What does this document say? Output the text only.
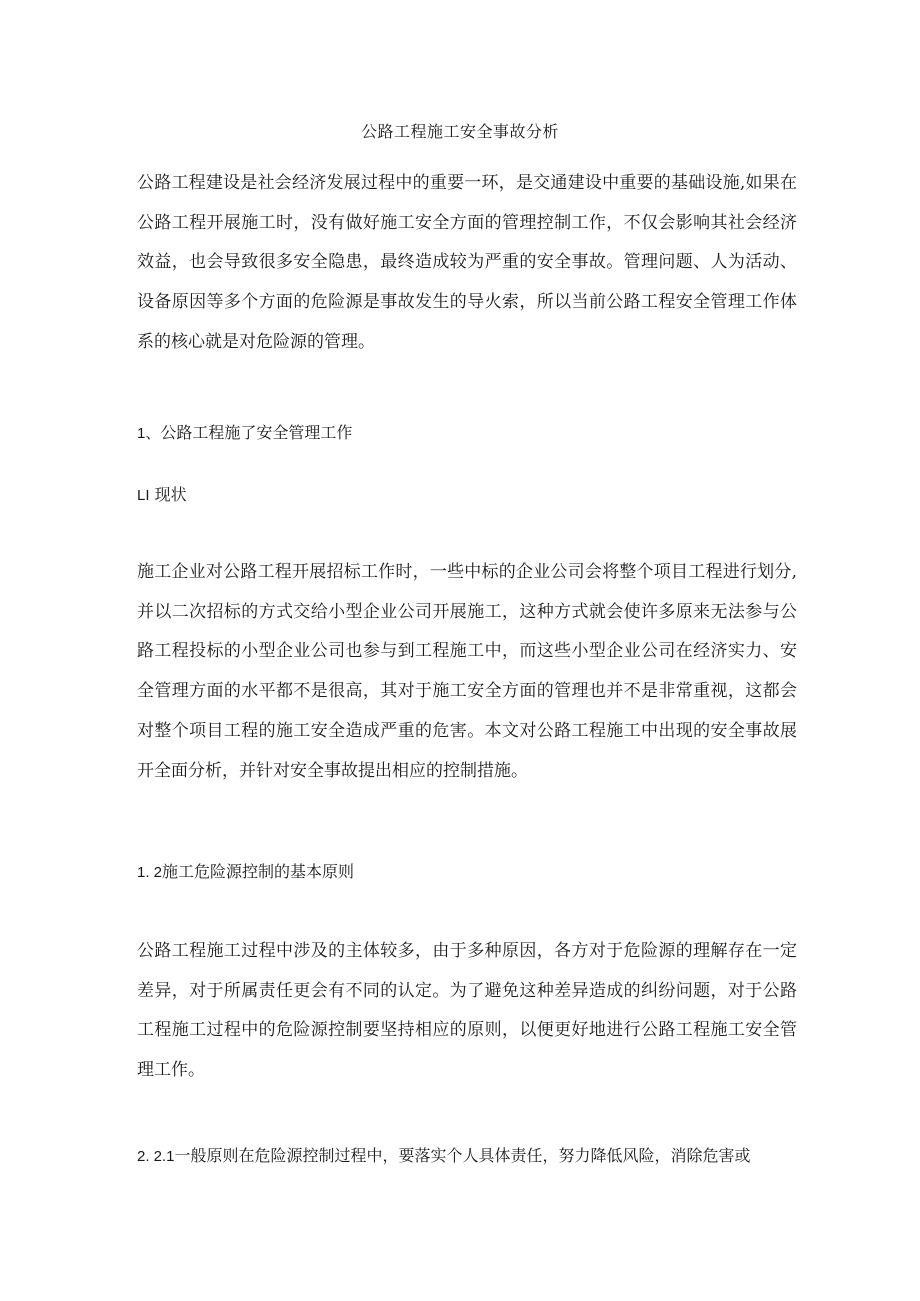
公路工程施工安全事故分析

公路工程建设是社会经济发展过程中的重要一环，是交通建设中重要的基础设施,如果在公路工程开展施工时，没有做好施工安全方面的管理控制工作，不仅会影响其社会经济效益，也会导致很多安全隐患，最终造成较为严重的安全事故。管理问题、人为活动、设备原因等多个方面的危险源是事故发生的导火索，所以当前公路工程安全管理工作体系的核心就是对危险源的管理。

1、公路工程施了安全管理工作

LI 现状

施工企业对公路工程开展招标工作时，一些中标的企业公司会将整个项目工程进行划分,并以二次招标的方式交给小型企业公司开展施工，这种方式就会使许多原来无法参与公路工程投标的小型企业公司也参与到工程施工中，而这些小型企业公司在经济实力、安全管理方面的水平都不是很高，其对于施工安全方面的管理也并不是非常重视，这都会对整个项目工程的施工安全造成严重的危害。本文对公路工程施工中出现的安全事故展开全面分析，并针对安全事故提出相应的控制措施。

1. 2施工危险源控制的基本原则

公路工程施工过程中涉及的主体较多，由于多种原因，各方对于危险源的理解存在一定差异，对于所属责任更会有不同的认定。为了避免这种差异造成的纠纷问题，对于公路工程施工过程中的危险源控制要坚持相应的原则，以便更好地进行公路工程施工安全管理工作。

2. 2.1一般原则在危险源控制过程中，要落实个人具体责任，努力降低风险，消除危害或
